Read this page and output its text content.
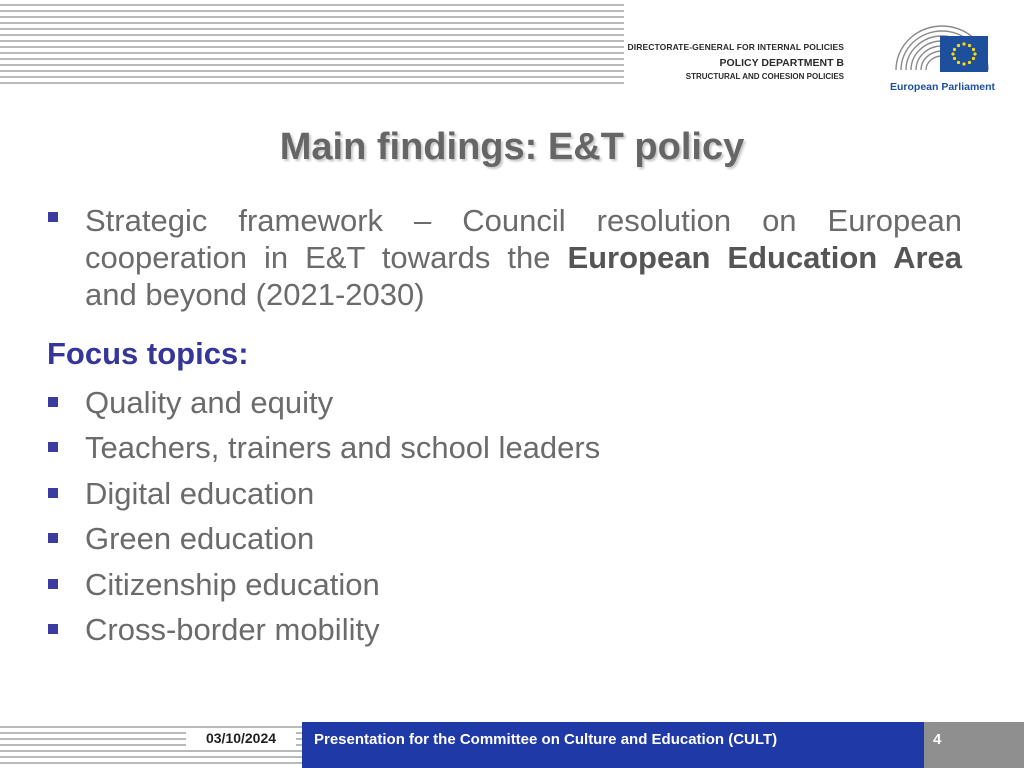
DIRECTORATE-GENERAL FOR INTERNAL POLICIES
POLICY DEPARTMENT B
STRUCTURAL AND COHESION POLICIES
European Parliament
Main findings: E&T policy
Strategic framework – Council resolution on European cooperation in E&T towards the European Education Area and beyond (2021-2030)
Focus topics:
Quality and equity
Teachers, trainers and school leaders
Digital education
Green education
Citizenship education
Cross-border mobility
03/10/2024	Presentation for the Committee on Culture and Education (CULT)	4
